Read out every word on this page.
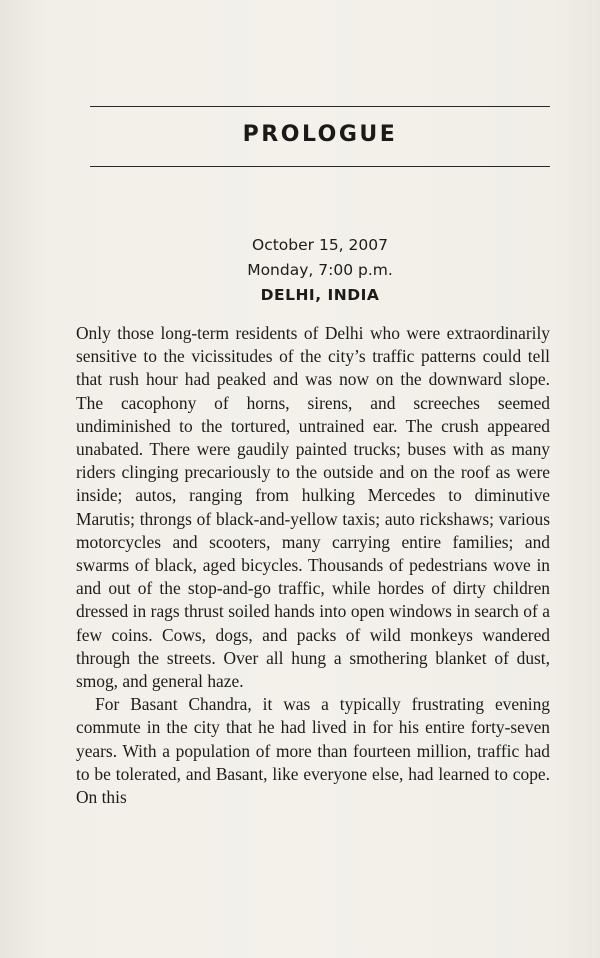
PROLOGUE
October 15, 2007
Monday, 7:00 p.m.
DELHI, INDIA

Only those long-term residents of Delhi who were extraordinarily sensitive to the vicissitudes of the city’s traffic patterns could tell that rush hour had peaked and was now on the downward slope. The cacophony of horns, sirens, and screeches seemed undiminished to the tortured, untrained ear. The crush appeared unabated. There were gaudily painted trucks; buses with as many riders clinging precariously to the outside and on the roof as were inside; autos, ranging from hulking Mercedes to diminutive Marutis; throngs of black-and-yellow taxis; auto rickshaws; various motorcycles and scooters, many carrying entire families; and swarms of black, aged bicycles. Thousands of pedestrians wove in and out of the stop-and-go traffic, while hordes of dirty children dressed in rags thrust soiled hands into open windows in search of a few coins. Cows, dogs, and packs of wild monkeys wandered through the streets. Over all hung a smothering blanket of dust, smog, and general haze.

For Basant Chandra, it was a typically frustrating evening commute in the city that he had lived in for his entire forty-seven years. With a population of more than fourteen million, traffic had to be tolerated, and Basant, like everyone else, had learned to cope. On this
